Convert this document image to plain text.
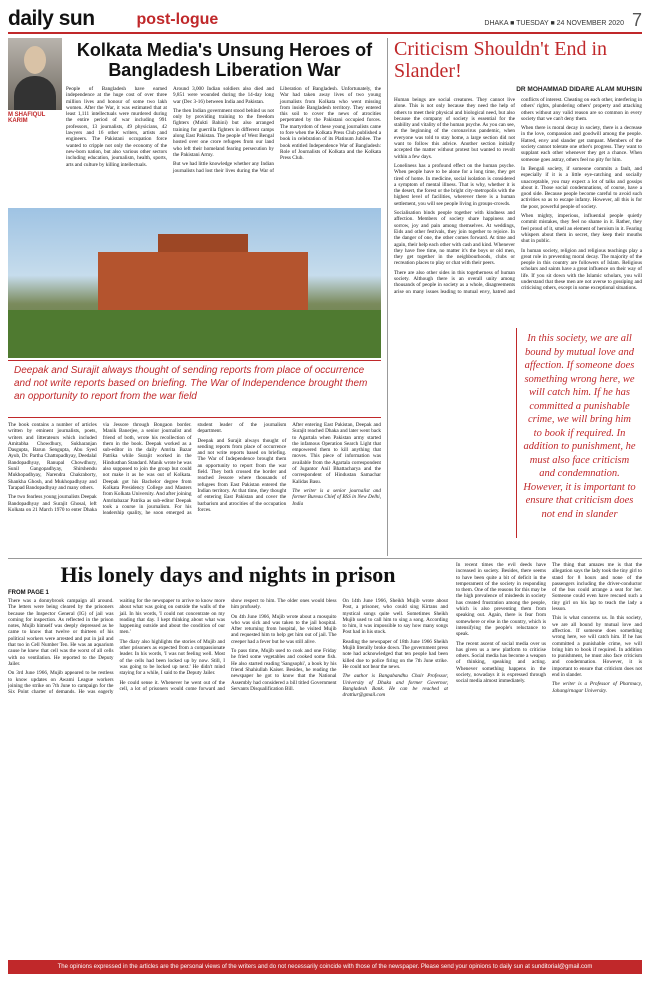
daily sun	post-logue	DHAKA ■ TUESDAY ■ 24 NOVEMBER 2020 7
Kolkata Media's Unsung Heroes of Bangladesh Liberation War
M SHAFIQUL KARIM

People of Bangladesh have earned independence at the huge cost of over three million lives and honour of some two lakh women. After the War, it was estimated that at least 1,111 intellectuals were murdered during the entire period of war including 991 professors, 13 journalists, 49 physicians, 42 lawyers and 16 other writers, artists and engineers. The Pakistani occupation force wanted to cripple not only the economy of the new-born nation, but also various other sectors including education, journalism, health, sports, arts and culture by killing intellectuals.

Around 3,000 Indian soldiers also died and 9,851 were wounded during the 14-day long war (Dec 3-16) between India and Pakistan.

The then Indian government stood behind us not only by providing training to the freedom fighters (Mukti Bahini) but also arranged training for guerrilla fighters in different camps along East Pakistan. The people of West Bengal hosted over one crore refugees from our land who left their homeland fearing persecution by the Pakistani Army.

But we had little knowledge whether any Indian journalists had lost their lives during the War of Liberation of Bangladesh. Unfortunately, the War had taken away lives of two young journalists from Kolkata who went missing from inside Bangladesh territory. They entered this soil to cover the news of atrocities perpetrated by the Pakistani occupied forces. The martyrdom of these young journalists came to fore when the Kolkata Press Club published a book in celebration of its Platinum Jubilee. The book entitled Independence War of Bangladesh: Role of Journalists of Kolkata and the Kolkata Press Club.

Deepak and Surajit always thought of sending reports from place of occurrence and not write reports based on briefing. The War of Independence brought them an opportunity to report from the war field

The book contains a number of articles written by eminent journalists, poets, writers and litterateurs which included Amitabha Chowdhury, Sukharanjan Dasgupta, Barun Sengupta, Abu Syed Ayub, Dr. Partha Chattopadhyay, Deedalal Bandopadhyay, Ranupal Chowdhury, Sunil Gangopadhyay, Shirshendu Mukhopadhyay, Narendra Chakraborty, Shankha Ghosh, and Mukhopadhyay and Tarapad Bandopadhyay and many others.

The two fearless young journalists Deepak Bandopadhyay and Surajit Ghosal, left Kolkata on 21 March 1970 to enter Dhaka via Jessore through Bongaon border. Manik Banerjee, a senior journalist and friend of both, wrote his recollection of them in the book. Deepak worked as a sub-editor in the daily Amrita Bazar Patrika while Surajit worked in the Hindusthan Standard. Manik wrote he was also supposed to join the group but could not make it as he was out of Kolkata. Deepak got his Bachelor degree from Kolkata Presidency College and Masters from Kolkata University. And after joining Amritabazar Patrika as sub-editor Deepak took a course in journalism. For his leadership quality, he soon emerged as student leader of the journalism department.

Deepak and Surajit always thought of sending reports from place of occurrence and not write reports based on briefing. The War of Independence brought them an opportunity to report from the war field. They both crossed the border and reached Jessore where thousands of refugees from East Pakistan entered the Indian territory. At that time, they thought of entering East Pakistan and cover the barbarism and atrocities of the occupation forces.

After entering East Pakistan, Deepak and Surajit reached Dhaka and later went back to Agartala when Pakistan army started the infamous Operation Search Light that empowered them to kill anything that moves. This piece of information was available from the Agartala correspondent of Jugantor Anil Bhattacharya and the correspondent of Hindustan Samachar Kalidas Basu.

The writer is a senior journalist and former Bureau Chief of BSS in New Delhi, India

Criticism Shouldn't End in Slander!
DR MOHAMMAD DIDARE ALAM MUHSIN

Human beings are social creatures. They cannot live alone. This is not only because they need the help of others to meet their physical and biological need, but also because the company of society is essential for the stability and vitality of the human psyche. As you can see, at the beginning of the coronavirus pandemic, when everyone was told to stay home, a large section did not want to follow this advice. Another section initially accepted the matter without protest but wanted to revolt within a few days.

Loneliness has a profound effect on the human psyche. When people have to be alone for a long time, they get tired of home. In medicine, social isolation is considered a symptom of mental illness. That is why, whether it is the desert, the forest or the bright city-metropolis with the highest level of facilities, wherever there is a human settlement, you will see people living in groups-crowds.

Socialisation binds people together with kindness and affection. Members of society share happiness and sorrow, joy and pain among themselves. At weddings, Eids and other festivals, they join together to rejoice. In the danger of one, the other comes forward. At time and again, their help each other with cash and kind. Whenever they have free time, no matter it's the boys or old men, they get together in the neighbourhoods, clubs or recreation places to play or chat with their peers.

There are also other sides in this togetherness of human society. Although there is an overall unity among thousands of people in society as a whole, disagreements arise on many issues leading to mutual envy, hatred and conflicts of interest. Cheating on each other, interfering in others' rights, plundering others' property and attacking others without any valid reason are so common in every society that we can't deny them.

When there is moral decay in society, there is a decrease in the love, compassion and goodwill among the people. Hatred, envy and slander get rampant. Members of the society cannot tolerate one other's progress. They want to supplant each other whenever they get a chance. When someone goes astray, others feel no pity for him.

In Bengali society, if someone commits a fault, and especially if it is a little eye-catching and socially unacceptable, you may expect a lot of talks and gossips about it. Those social condemnations, of course, have a good side. Because people become careful to avoid such activities so as to escape infamy. However, all this is for the poor, powerful people of society.

When mighty, imperious, influential people quietly commit mistakes, they feel no shame in it. Rather, they feel proud of it, smell an element of heroism in it. Fearing whispers about them in secret, they keep their mouths shut in public.

In human society, religion and religious teachings play a great role in preventing moral decay. The majority of the people in this country are followers of Islam. Religious scholars and saints have a great influence on their way of life. If you sit down with the Islamic scholars, you will understand that these men are not averse to gossiping and criticising others, except in some exceptional situations.

In this society, we are all bound by mutual love and affection. If someone does something wrong here, we will catch him. If he has committed a punishable crime, we will bring him to book if required. In addition to punishment, he must also face criticism and condemnation. However, it is important to ensure that criticism does not end in slander
His lonely days and nights in prison
FROM PAGE 1

There was a donnybrook campaign all around. The letters were being cleared by the prisoners because the Inspector General (IG) of jail was coming for inspection. As reflected in the prison notes, Mujib himself was deeply depressed as he came to know that twelve or thirteen of his political workers were arrested and put in jail and that too in Cell Number Ten. He was an aquarium cause he knew that cell was the worst of all cells with no ventilation. He reported to the Deputy Jailer.

On 3rd June 1966, Mujib appeared to be restless to know updates on Awami League workers joining the strike on 7th June to campaign for the Six Point charter of demands. He was eagerly waiting for the newspaper to arrive to know more about what was going on outside the walls of the jail. In his words, 'I could not concentrate on my reading that day. I kept thinking about what was happening outside and about the condition of our men.'

The diary also highlights the stories of Mujib and other prisoners as expected from a compassionate leader. In his words, 'I was not feeling well. Most of the cells had been locked up by now. Still, I was going to be locked up next.' He didn't mind staying for a while, I said to the Deputy Jailer.

He could sense it. Whenever he went out of the cell, a lot of prisoners would come forward and show respect to him. The older ones would bless him profusely.

On 4th June 1966, Mujib wrote about a mosquito who was sick and was taken to the jail hospital. After returning from hospital, he visited Mujib and requested him to help get him out of jail. The creeper had a fever but he was still alive.

To pass time, Mujib used to cook and one Friday he fried some vegetables and cooked some fish. He also started reading 'Sangsophi', a book by his friend Shahiullah Kaiser. Besides, he reading the newspaper he got to know that the National Assembly had considered a bill titled Government Servants Disqualification Bill.

On 14th June 1966, Sheikh Mujib wrote about Post, a prisoner, who could sing Kirtans and mystical songs quite well. Sometimes Sheikh Mujib used to call him to sing a song. According to him, it was impossible to say how many songs Post had in his stock.

Reading the newspaper of 18th June 1966 Sheikh Mujib literally broke down. The government press note had acknowledged that ten people had been killed due to police firing on the 7th June strike. He could not bear the news.

The author is Bangabandhu Chair Professor, University of Dhaka and former Governor, Bangladesh Bank. He can be reached at drattiur@gmail.com

In recent times the evil deeds have increased in society. Besides, there seems to have been quite a bit of deficit in the temperament of the society in responding to them. One of the reasons for this may be the high prevalence of misdeeds in society has created frustration among the people, which is also preventing them from speaking out. Again, there is fear from somewhere or else in the country, which is intensifying the people's reluctance to speak.

The recent ascent of social media over us has given us a new platform to criticise others. Social media has become a weapon of thinking, speaking and acting. Whenever something happens in the society, nowadays it is expressed through social media almost immediately.

The thing that amazes me is that the allegation says the lady took the tiny girl to stand for 8 hours and none of the passengers including the driver-conductor of the bus could arrange a seat for her. Someone could even have rescued such a tiny girl on his lap to teach the lady a lesson.

This is what concerns us. In this society, we are all bound by mutual love and affection. If someone does something wrong here, we will catch him. If he has committed a punishable crime, we will bring him to book if required. In addition to punishment, he must also face criticism and condemnation. However, it is important to ensure that criticism does not end in slander.

The writer is a Professor of Pharmacy, Jahangirnagar University.

The opinions expressed in the articles are the personal views of the writers and do not necessarily coincide with those of the newspaper. Please send your opinions to daily sun at sunditorial@gmail.com
